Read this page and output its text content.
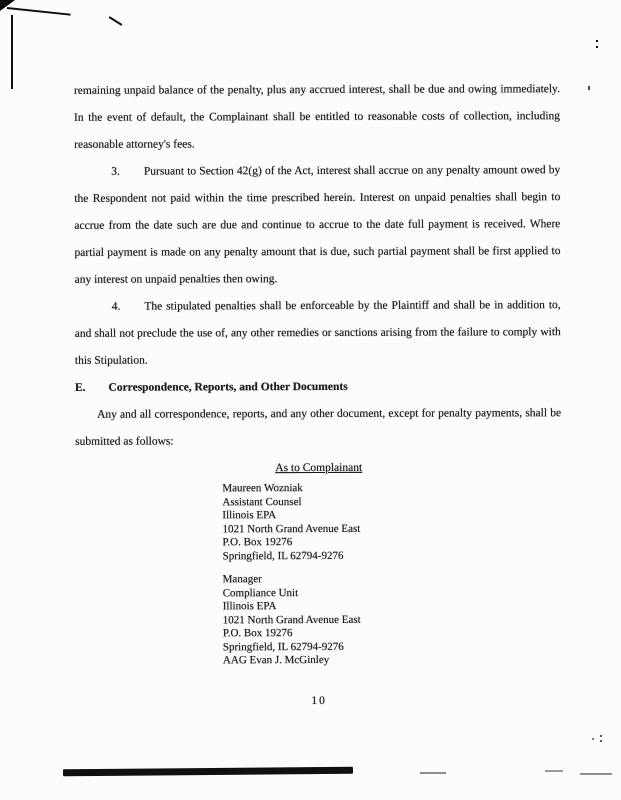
remaining unpaid balance of the penalty, plus any accrued interest, shall be due and owing immediately. In the event of default, the Complainant shall be entitled to reasonable costs of collection, including reasonable attorney's fees.

3. Pursuant to Section 42(g) of the Act, interest shall accrue on any penalty amount owed by the Respondent not paid within the time prescribed herein. Interest on unpaid penalties shall begin to accrue from the date such are due and continue to accrue to the date full payment is received. Where partial payment is made on any penalty amount that is due, such partial payment shall be first applied to any interest on unpaid penalties then owing.

4. The stipulated penalties shall be enforceable by the Plaintiff and shall be in addition to, and shall not preclude the use of, any other remedies or sanctions arising from the failure to comply with this Stipulation.

E. Correspondence, Reports, and Other Documents

Any and all correspondence, reports, and any other document, except for penalty payments, shall be submitted as follows:

As to Complainant

Maureen Wozniak
Assistant Counsel
Illinois EPA
1021 North Grand Avenue East
P.O. Box 19276
Springfield, IL 62794-9276
Manager
Compliance Unit
Illinois EPA
1021 North Grand Avenue East
P.O. Box 19276
Springfield, IL 62794-9276
AAG Evan J. McGinley
10
